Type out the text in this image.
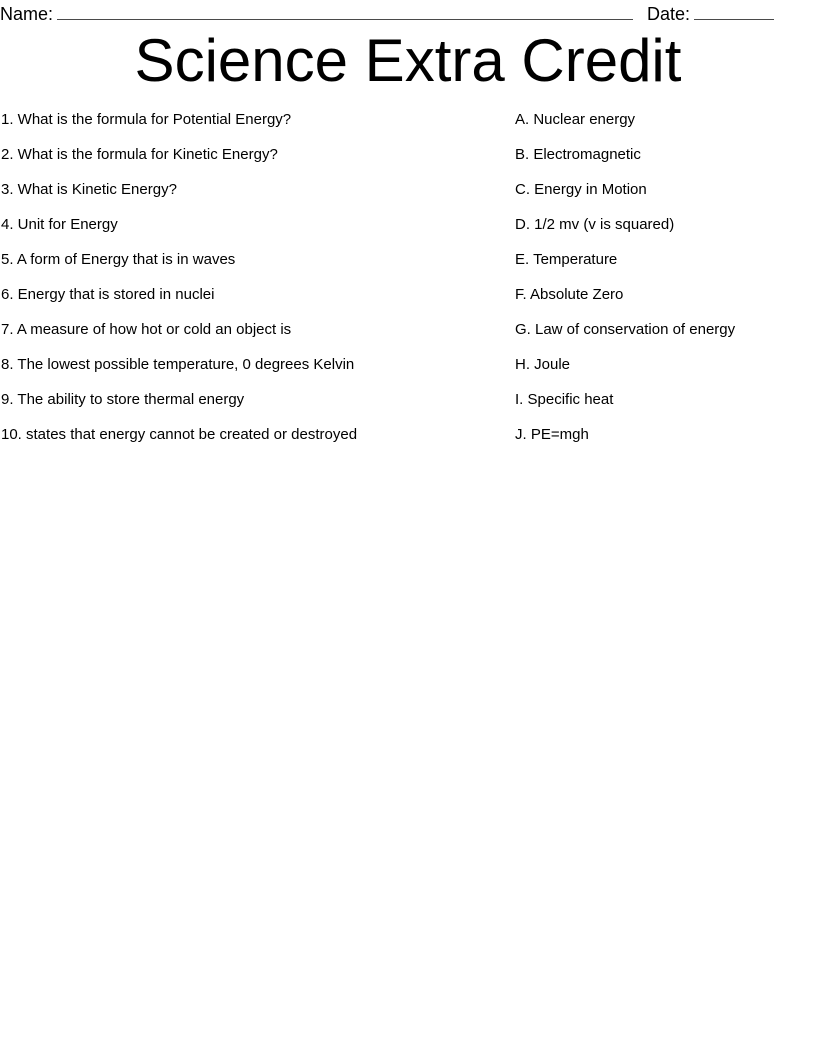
Name:	Date:
Science Extra Credit
1. What is the formula for Potential Energy?	A. Nuclear energy
2. What is the formula for Kinetic Energy?	B. Electromagnetic
3. What is Kinetic Energy?	C. Energy in Motion
4. Unit for Energy	D. 1/2 mv (v is squared)
5. A form of Energy that is in waves	E. Temperature
6. Energy that is stored in nuclei	F. Absolute Zero
7. A measure of how hot or cold an object is	G. Law of conservation of energy
8. The lowest possible temperature, 0 degrees Kelvin	H. Joule
9. The ability to store thermal energy	I. Specific heat
10. states that energy cannot be created or destroyed	J. PE=mgh
